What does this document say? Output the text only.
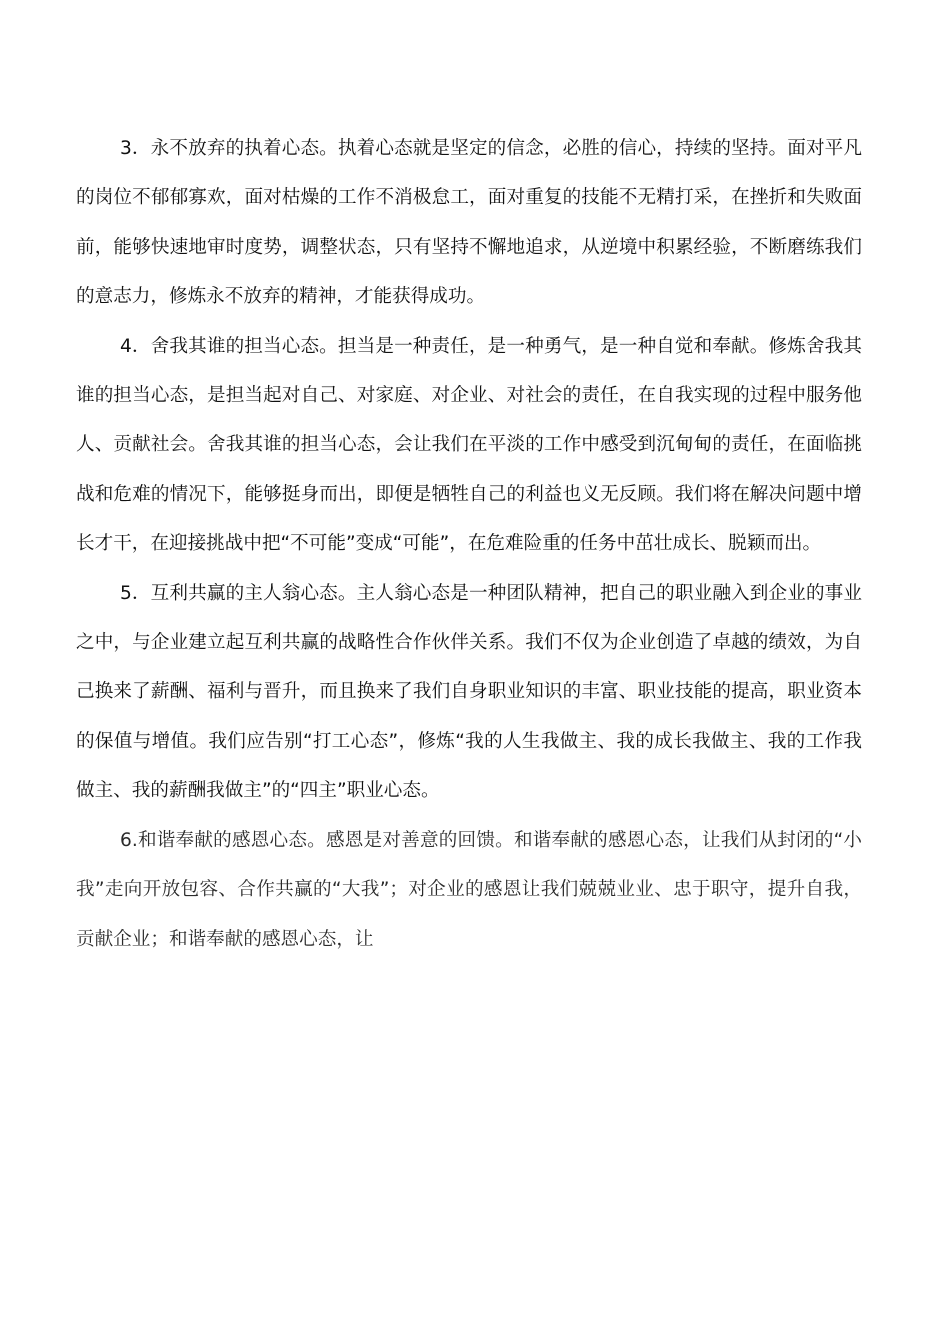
3．永不放弃的执着心态。执着心态就是坚定的信念，必胜的信心，持续的坚持。面对平凡的岗位不郁郁寡欢，面对枯燥的工作不消极怠工，面对重复的技能不无精打采，在挫折和失败面前，能够快速地审时度势，调整状态，只有坚持不懈地追求，从逆境中积累经验，不断磨练我们的意志力，修炼永不放弃的精神，才能获得成功。

4．舍我其谁的担当心态。担当是一种责任，是一种勇气，是一种自觉和奉献。修炼舍我其谁的担当心态，是担当起对自己、对家庭、对企业、对社会的责任，在自我实现的过程中服务他人、贡献社会。舍我其谁的担当心态，会让我们在平淡的工作中感受到沉甸甸的责任，在面临挑战和危难的情况下，能够挺身而出，即便是牺牲自己的利益也义无反顾。我们将在解决问题中增长才干，在迎接挑战中把“不可能”变成“可能”，在危难险重的任务中茁壮成长、脱颖而出。

5．互利共赢的主人翁心态。主人翁心态是一种团队精神，把自己的职业融入到企业的事业之中，与企业建立起互利共赢的战略性合作伙伴关系。我们不仅为企业创造了卓越的绩效，为自己换来了薪酬、福利与晋升，而且换来了我们自身职业知识的丰富、职业技能的提高，职业资本的保值与增值。我们应告别“打工心态”，修炼“我的人生我做主、我的成长我做主、我的工作我做主、我的薪酬我做主”的“四主”职业心态。

6.和谐奉献的感恩心态。感恩是对善意的回馈。和谐奉献的感恩心态，让我们从封闭的“小我”走向开放包容、合作共赢的“大我”；对企业的感恩让我们兢兢业业、忠于职守，提升自我，贡献企业；和谐奉献的感恩心态，让
